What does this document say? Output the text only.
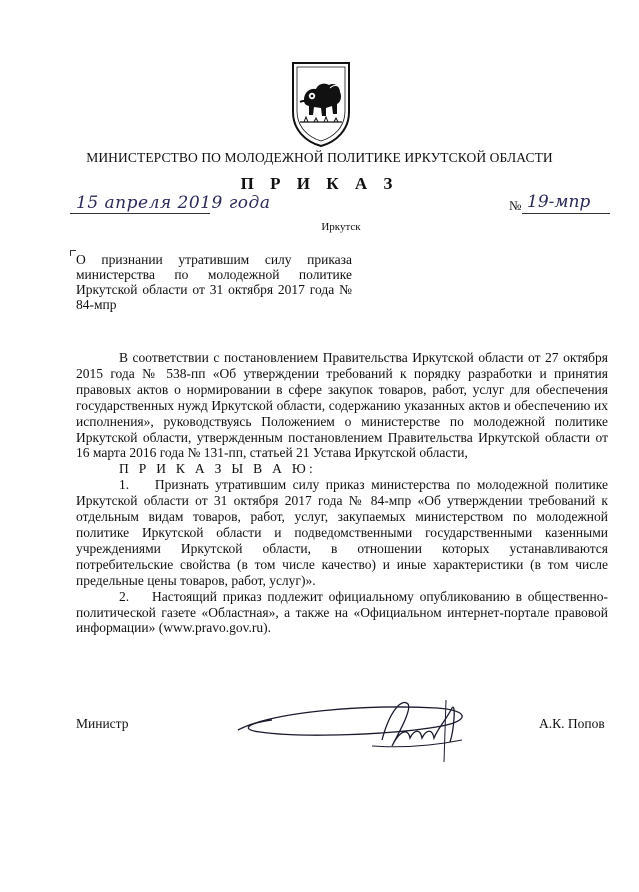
МИНИСТЕРСТВО ПО МОЛОДЕЖНОЙ ПОЛИТИКЕ ИРКУТСКОЙ ОБЛАСТИ
П Р И К А З
15 апреля 2019 года	№ 19-мпр
Иркутск
О признании утратившим силу приказа министерства по молодежной политике Иркутской области от 31 октября 2017 года № 84-мпр

В соответствии с постановлением Правительства Иркутской области от 27 октября 2015 года № 538-пп «Об утверждении требований к порядку разработки и принятия правовых актов о нормировании в сфере закупок товаров, работ, услуг для обеспечения государственных нужд Иркутской области, содержанию указанных актов и обеспечению их исполнения», руководствуясь Положением о министерстве по молодежной политике Иркутской области, утвержденным постановлением Правительства Иркутской области от 16 марта 2016 года № 131-пп, статьей 21 Устава Иркутской области,

П Р И К А З Ы В А Ю:

1.    Признать утратившим силу приказ министерства по молодежной политике Иркутской области от 31 октября 2017 года № 84-мпр «Об утверждении требований к отдельным видам товаров, работ, услуг, закупаемых министерством по молодежной политике Иркутской области и подведомственными государственными казенными учреждениями Иркутской области, в отношении которых устанавливаются потребительские свойства (в том числе качество) и иные характеристики (в том числе предельные цены товаров, работ, услуг)».

2.    Настоящий приказ подлежит официальному опубликованию в общественно-политической газете «Областная», а также на «Официальном интернет-портале правовой информации» (www.pravo.gov.ru).

Министр	А.К. Попов
